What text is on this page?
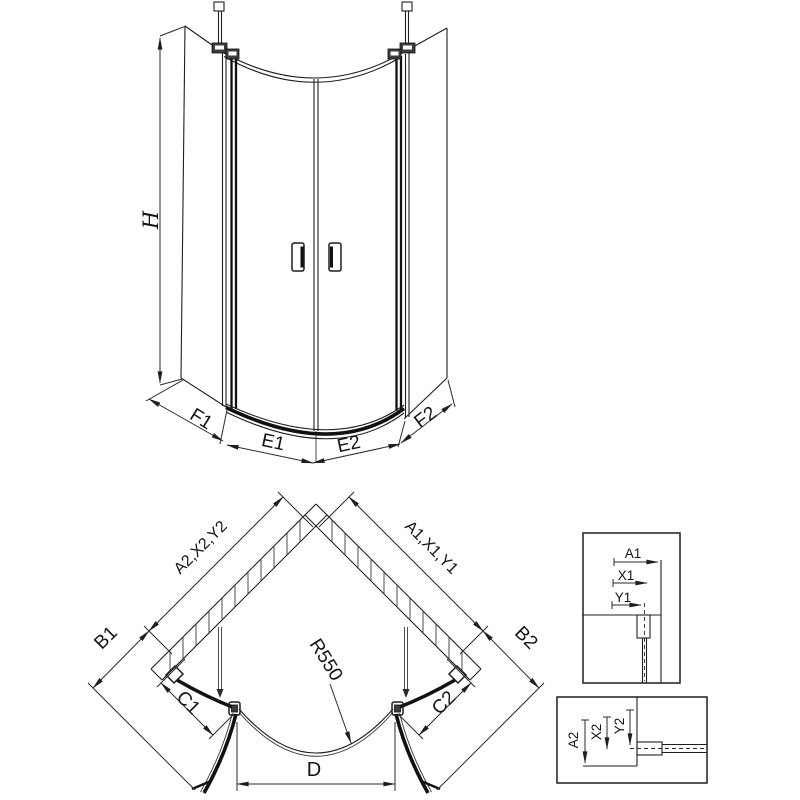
H
F1
E1	E2
F2
B1
A2,X2,Y2
B2
A1,X1,Y1
C1	C2
D
R550
A1
X1
Y1
A2 X2 Y2
